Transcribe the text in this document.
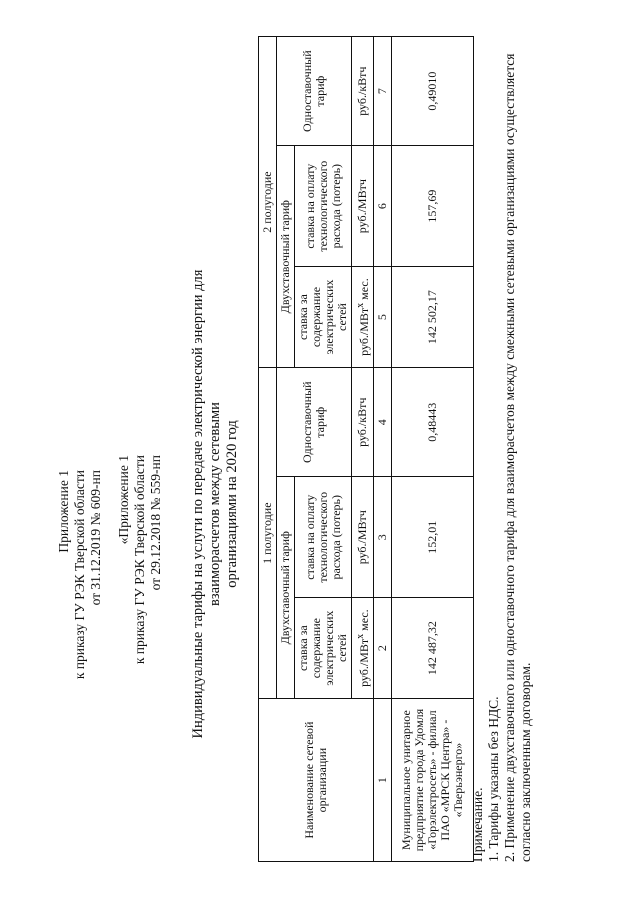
Приложение 1 к приказу ГУ РЭК Тверской области от 31.12.2019 № 609-нп «Приложение 1 к приказу ГУ РЭК Тверской области от 29.12.2018 № 559-нп Индивидуальные тарифы на услуги по передаче электрической энергии для взаиморасчетов между сетевыми организациями на 2020 год
Наименование сетевой организации	1 полугодие			2 полугодие		
	Двухставочный тариф		Одноставочный тариф	Двухставочный тариф		Одноставочный тариф
	ставка за содержание электрических сетей	ставка на оплату технологического расхода (потерь)		ставка за содержание электрических сетей	ставка на оплату технологического расхода (потерь)	
	руб./МВт$^х$ мес.	руб./МВтч	руб./кВтч	руб./МВт$^х$ мес.	руб./МВтч	руб./кВтч
1	2	3	4	5	6	7
Муниципальное унитарное предприятие города Удомля «Горэлектросеть» - филиал ПАО «МРСК Центра» - «Тверьэнерго»	142 487,32	152,01	0,48443	142 502,17	157,69	0,49010
Примечание. 1. Тарифы указаны без НДС. 2. Применение двухставочного или одноставочного тарифа для взаиморасчетов между смежными сетевыми организациями осуществляется согласно заключенным договорам.
